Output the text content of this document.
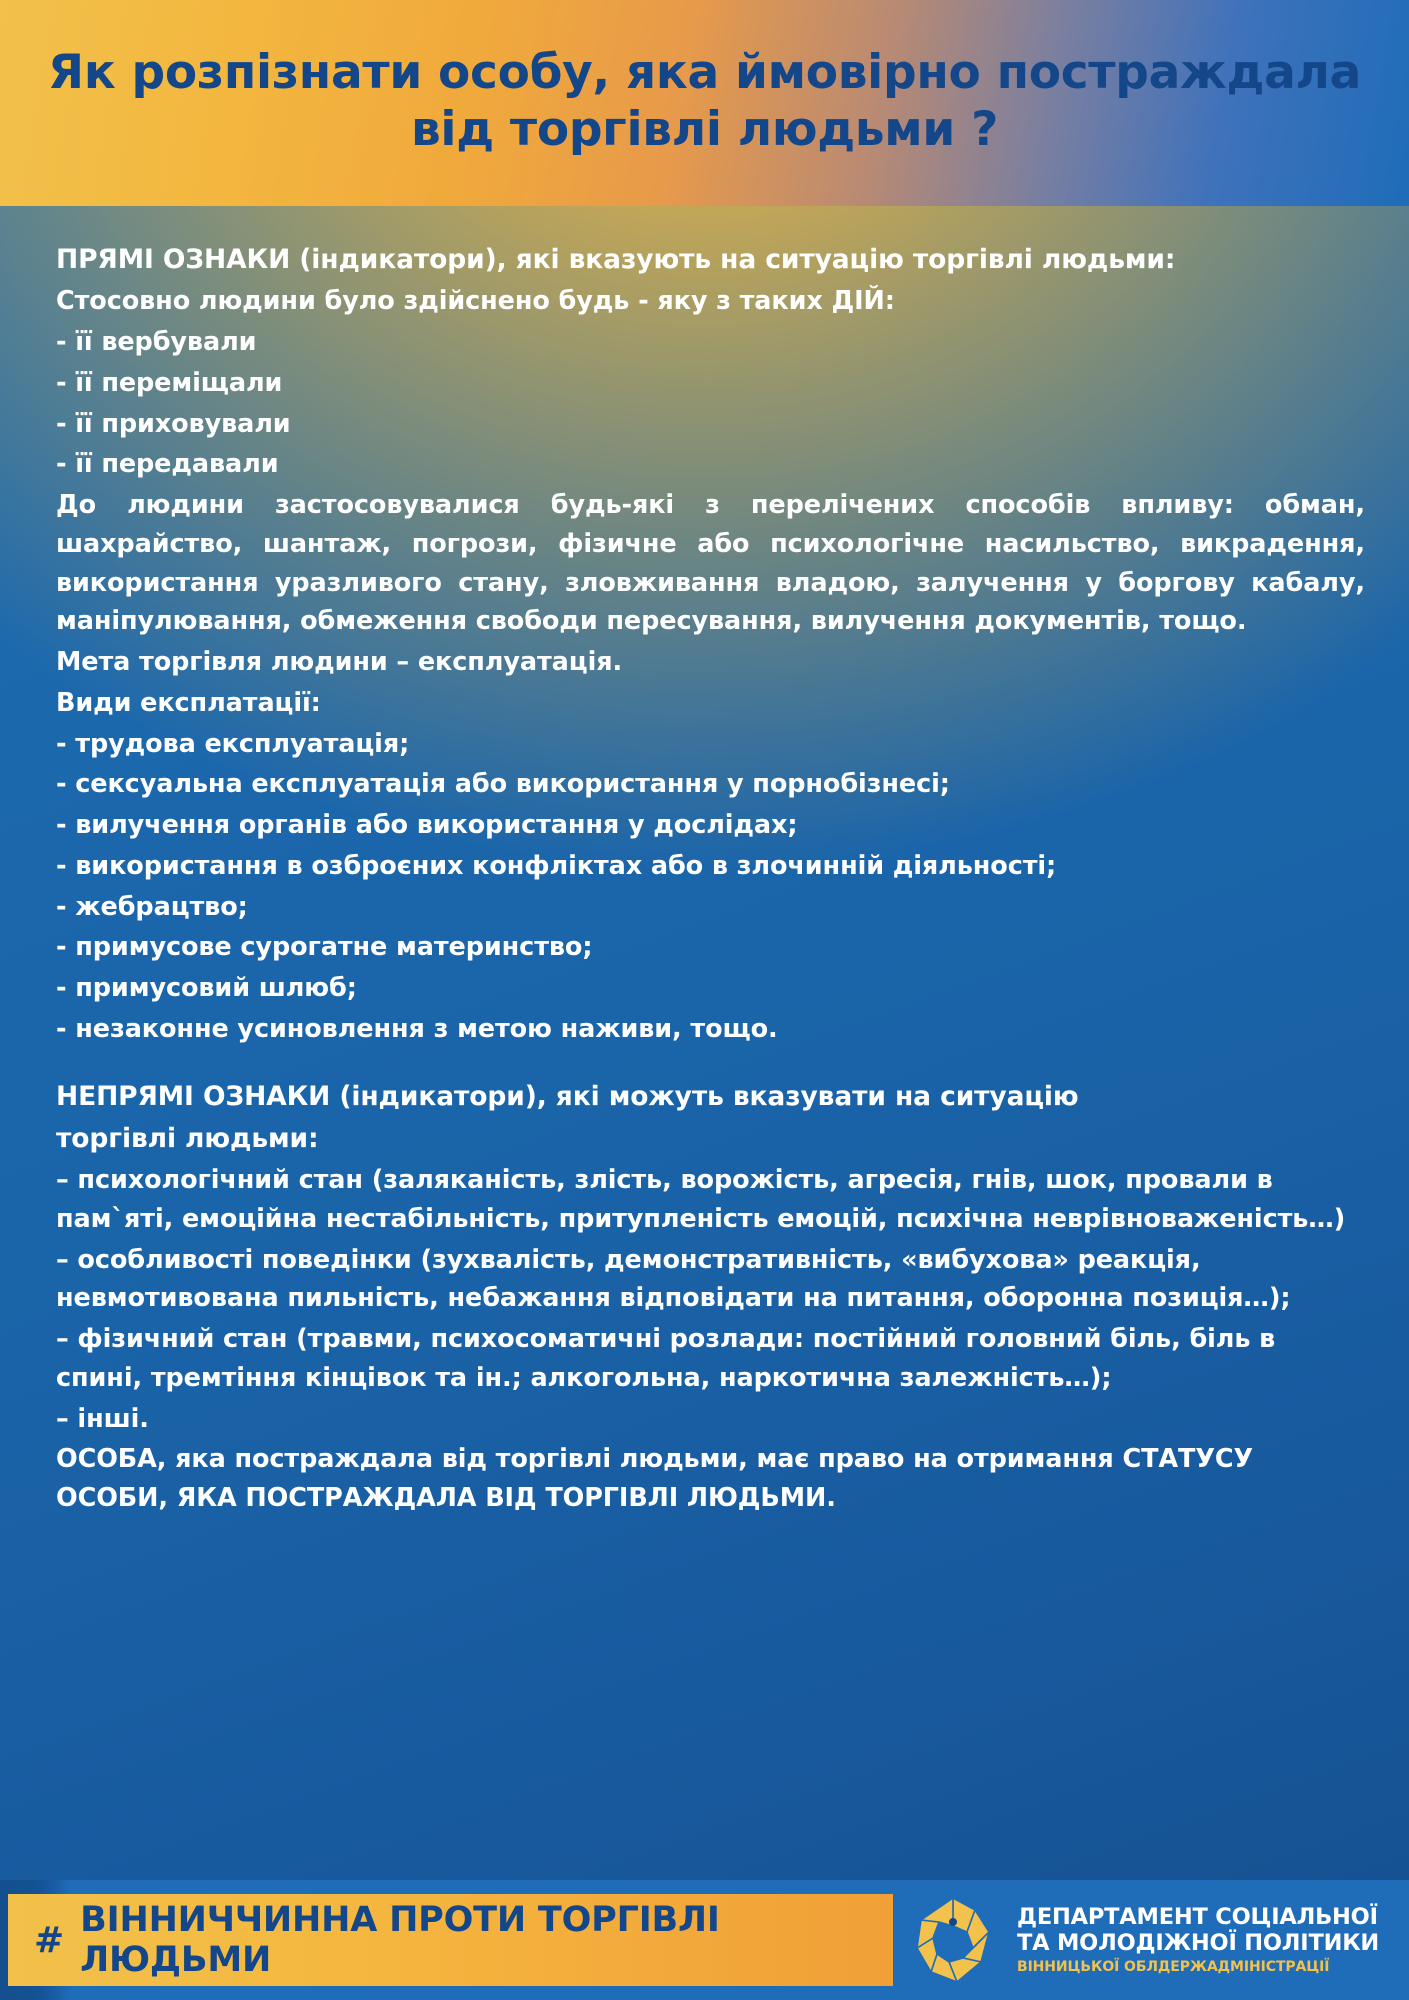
Як розпізнати особу, яка ймовірно постраждала
від торгівлі людьми ?

ПРЯМІ ОЗНАКИ (індикатори), які вказують на ситуацію торгівлі людьми:

Стосовно людини було здійснено будь - яку з таких ДІЙ:

- її вербували

- її переміщали

- її приховували

- її передавали

До людини застосовувалися будь-які з перелічених способів впливу: обман, шахрайство, шантаж, погрози, фізичне або психологічне насильство, викрадення, використання уразливого стану, зловживання владою, залучення у боргову кабалу, маніпулювання, обмеження свободи пересування, вилучення документів, тощо.

Мета торгівля людини – експлуатація.

Види експлатації:

- трудова експлуатація;

- сексуальна експлуатація або використання у порнобізнесі;

- вилучення органів або використання у дослідах;

- використання в озброєних конфліктах або в злочинній діяльності;

- жебрацтво;

- примусове сурогатне материнство;

- примусовий шлюб;

- незаконне усиновлення з метою наживи, тощо.

НЕПРЯМІ ОЗНАКИ (індикатори), які можуть вказувати на ситуацію

торгівлі людьми:

– психологічний стан (заляканість, злість, ворожість, агресія, гнів, шок, провали в пам`яті, емоційна нестабільність, притупленість емоцій, психічна неврівноваженість…)

– особливості поведінки (зухвалість, демонстративність, «вибухова» реакція, невмотивована пильність, небажання відповідати на питання, оборонна позиція…);

– фізичний стан (травми, психосоматичні розлади: постійний головний біль, біль в спині, тремтіння кінцівок та ін.; алкогольна, наркотична залежність…);

– інші.

ОСОБА, яка постраждала від торгівлі людьми, має право на отримання СТАТУСУ ОСОБИ, ЯКА ПОСТРАЖДАЛА ВІД ТОРГІВЛІ ЛЮДЬМИ.

# ВІННИЧЧИННА ПРОТИ ТОРГІВЛІ ЛЮДЬМИ
ДЕПАРТАМЕНТ СОЦІАЛЬНОЇ
ТА МОЛОДІЖНОЇ ПОЛІТИКИ
ВІННИЦЬКОЇ ОБЛДЕРЖАДМІНІСТРАЦІЇ
